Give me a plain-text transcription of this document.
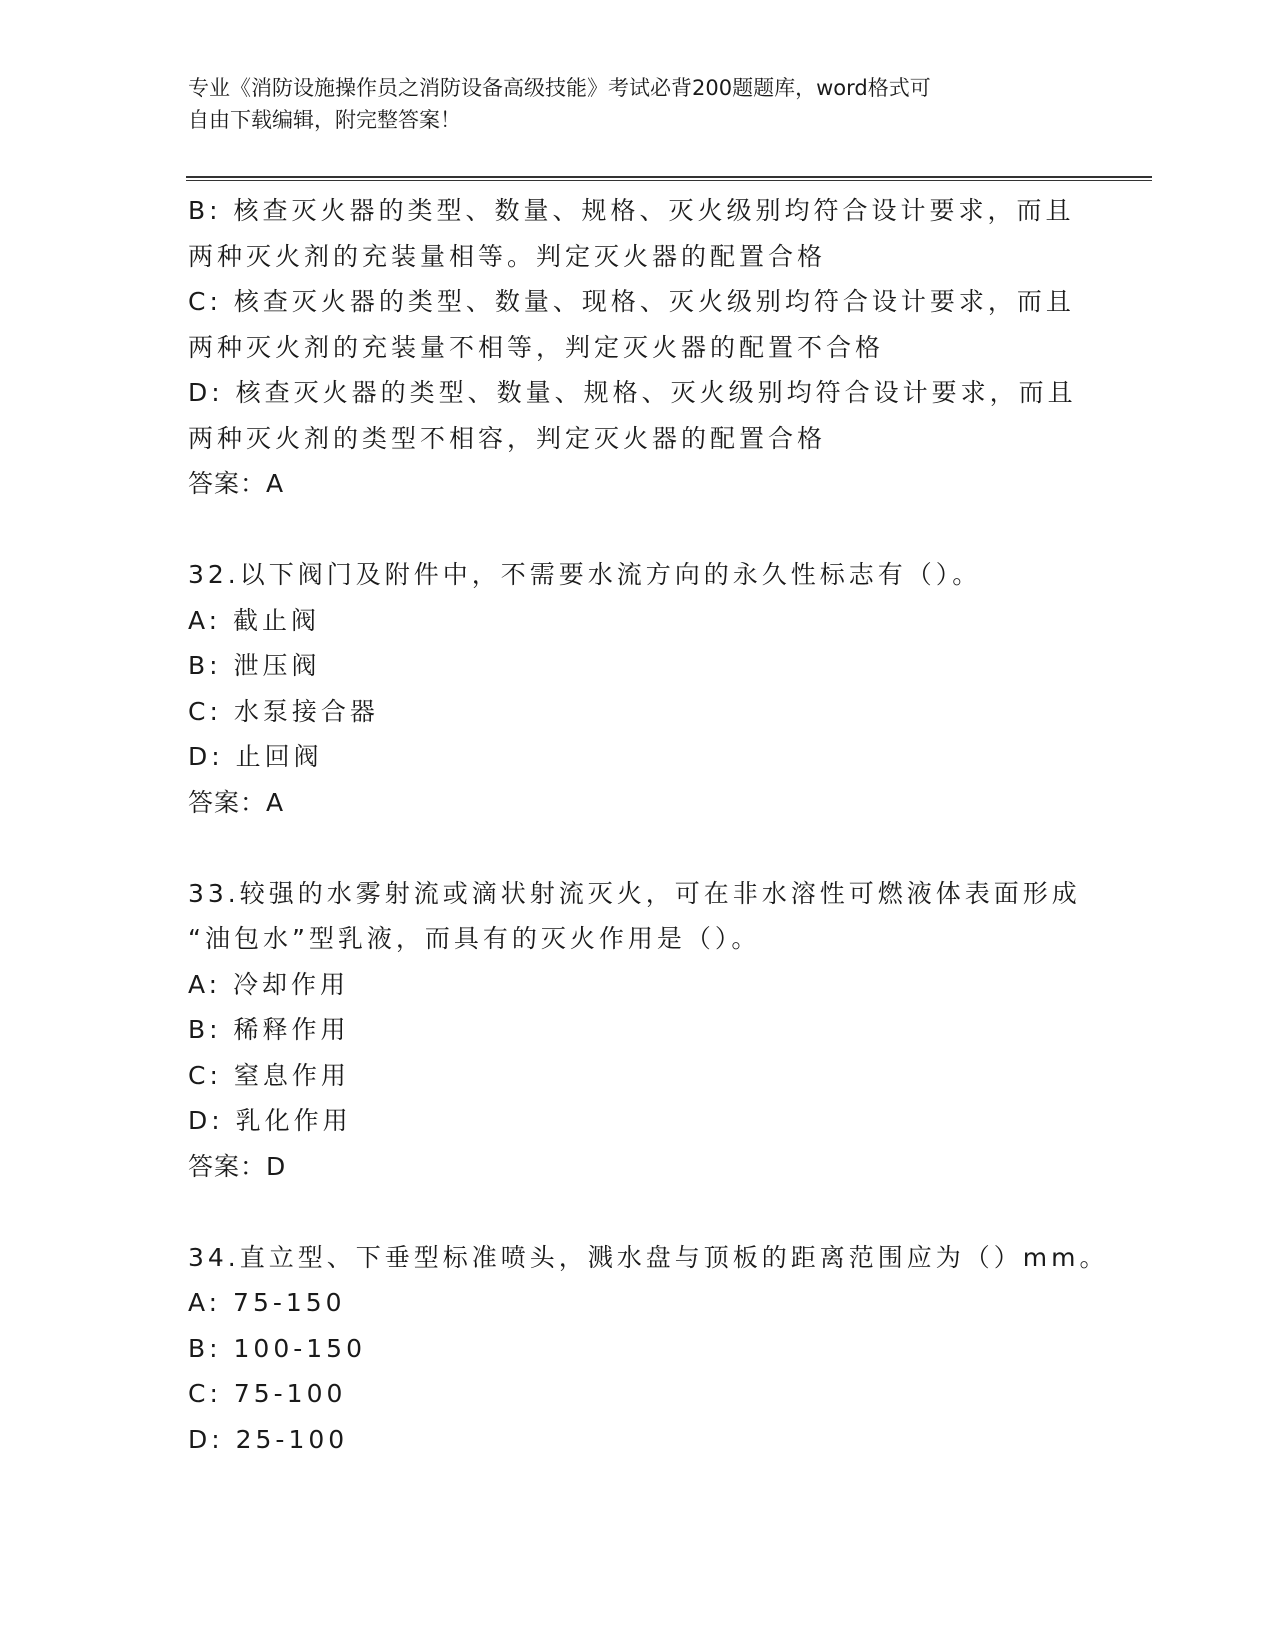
专业《消防设施操作员之消防设备高级技能》考试必背200题题库，word格式可
自由下载编辑，附完整答案！
B: 核查灭火器的类型、数量、规格、灭火级别均符合设计要求，而且
两种灭火剂的充装量相等。判定灭火器的配置合格
C: 核查灭火器的类型、数量、现格、灭火级别均符合设计要求，而且
两种灭火剂的充装量不相等，判定灭火器的配置不合格
D: 核查灭火器的类型、数量、规格、灭火级别均符合设计要求，而且
两种灭火剂的类型不相容，判定灭火器的配置合格
答案：A
32.以下阀门及附件中，不需要水流方向的永久性标志有（）。
A: 截止阀
B: 泄压阀
C: 水泵接合器
D: 止回阀
答案：A
33.较强的水雾射流或滴状射流灭火，可在非水溶性可燃液体表面形成
“油包水”型乳液，而具有的灭火作用是（）。
A: 冷却作用
B: 稀释作用
C: 窒息作用
D: 乳化作用
答案：D
34.直立型、下垂型标准喷头，溅水盘与顶板的距离范围应为（）mm。
A: 75-150
B: 100-150
C: 75-100
D: 25-100
